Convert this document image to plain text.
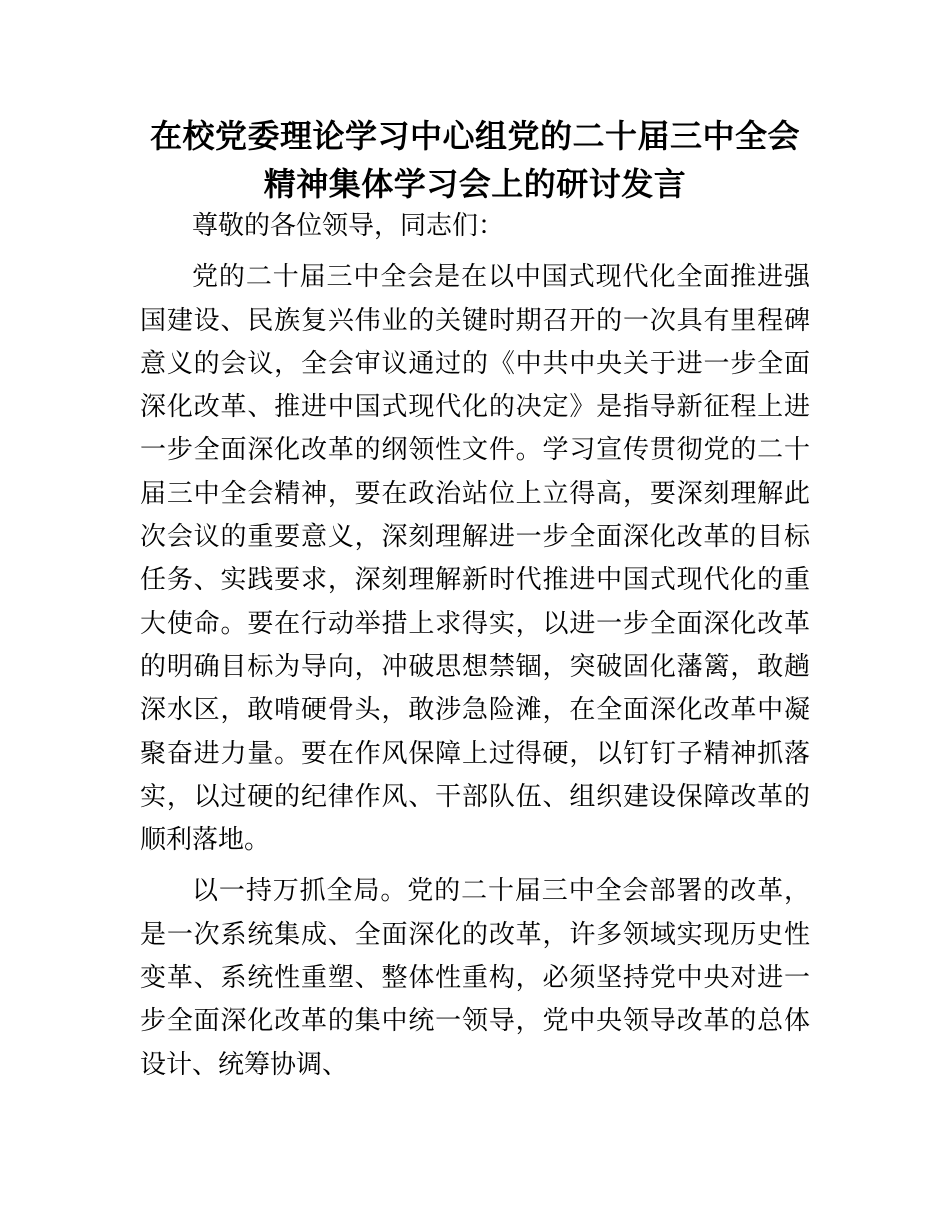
在校党委理论学习中心组党的二十届三中全会
精神集体学习会上的研讨发言

尊敬的各位领导，同志们：

党的二十届三中全会是在以中国式现代化全面推进强国建设、民族复兴伟业的关键时期召开的一次具有里程碑意义的会议，全会审议通过的《中共中央关于进一步全面深化改革、推进中国式现代化的决定》是指导新征程上进一步全面深化改革的纲领性文件。学习宣传贯彻党的二十届三中全会精神，要在政治站位上立得高，要深刻理解此次会议的重要意义，深刻理解进一步全面深化改革的目标任务、实践要求，深刻理解新时代推进中国式现代化的重大使命。要在行动举措上求得实，以进一步全面深化改革的明确目标为导向，冲破思想禁锢，突破固化藩篱，敢趟深水区，敢啃硬骨头，敢涉急险滩，在全面深化改革中凝聚奋进力量。要在作风保障上过得硬，以钉钉子精神抓落实，以过硬的纪律作风、干部队伍、组织建设保障改革的顺利落地。

以一持万抓全局。党的二十届三中全会部署的改革，是一次系统集成、全面深化的改革，许多领域实现历史性变革、系统性重塑、整体性重构，必须坚持党中央对进一步全面深化改革的集中统一领导，党中央领导改革的总体设计、统筹协调、
